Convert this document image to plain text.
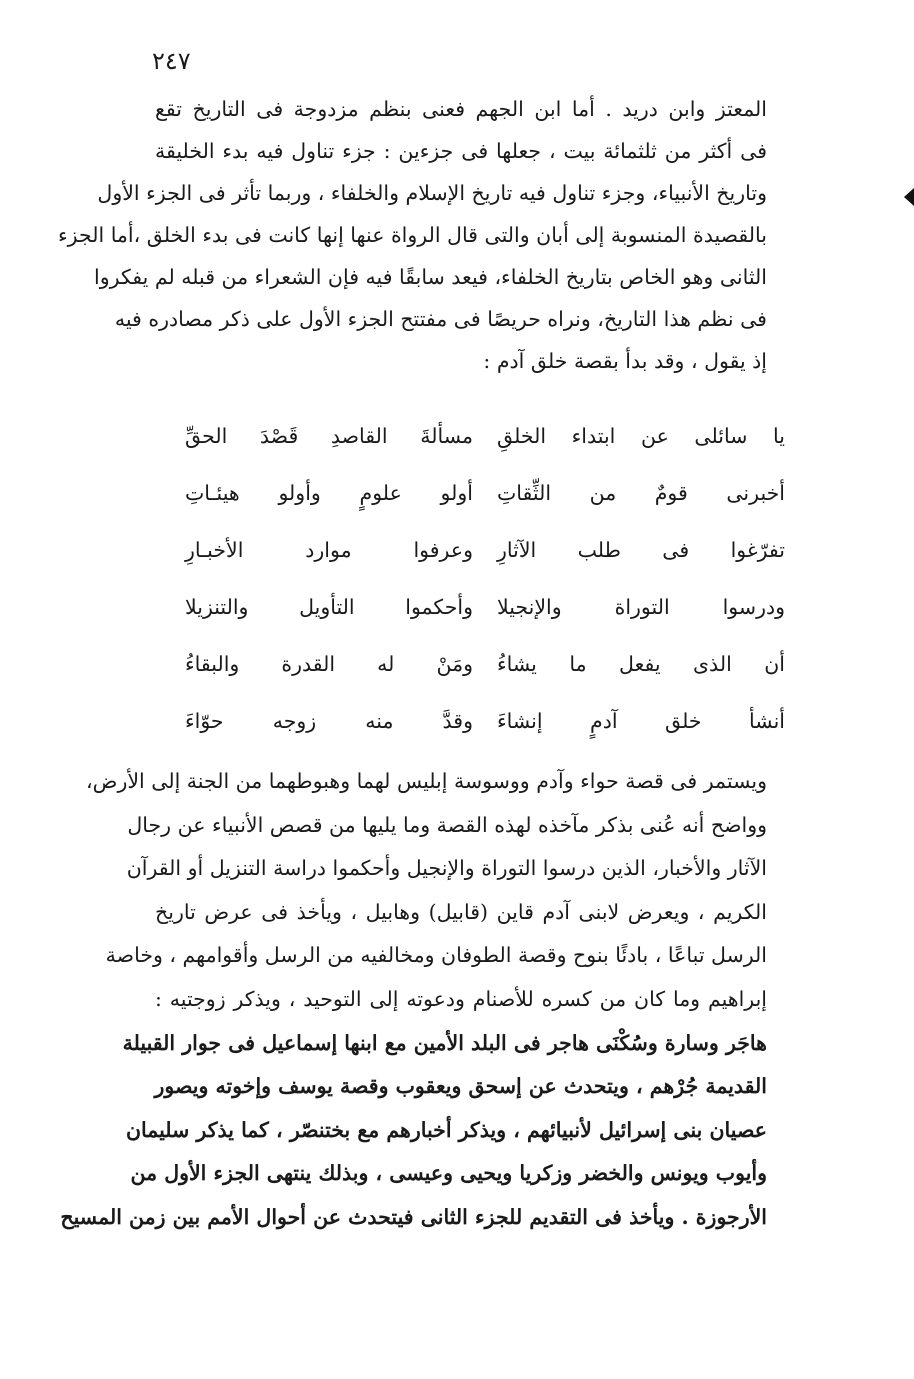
٢٤٧
المعتز وابن دريد . أما ابن الجهم فعنى بنظم مزدوجة فى التاريخ تقع
فى أكثر من ثلثمائة بيت ، جعلها فى جزءين : جزء تناول فيه بدء الخليقة
وتاريخ الأنبياء، وجزء تناول فيه تاريخ الإسلام والخلفاء ، وربما تأثر فى الجزء الأول
بالقصيدة المنسوبة إلى أبان والتى قال الرواة عنها إنها كانت فى بدء الخلق ،أما الجزء
الثانى وهو الخاص بتاريخ الخلفاء، فيعد سابقًا فيه فإن الشعراء من قبله لم يفكروا
فى نظم هذا التاريخ، ونراه حريصًا فى مفتتح الجزء الأول على ذكر مصادره فيه
إذ يقول ، وقد بدأ بقصة خلق آدم :
يا سائلى عن ابتداء الخلقِ
مسألةَ القاصدِ قَصْدَ الحقِّ
أخبرنى قومٌ من الثِّقاتِ
أولو علومٍ وأولو هيئـاتِ
تفرّغوا فى طلب الآثارِ
وعرفوا موارد الأخبـارِ
ودرسوا التوراة والإنجيلا
وأحكموا التأويل والتنزيلا
أن الذى يفعل ما يشاءُ
ومَنْ له القدرة والبقاءُ
أنشأ خلق آدمٍ إنشاءَ
وقدَّ منه زوجه حوّاءَ
ويستمر فى قصة حواء وآدم ووسوسة إبليس لهما وهبوطهما من الجنة إلى الأرض،
وواضح أنه عُنى بذكر مآخذه لهذه القصة وما يليها من قصص الأنبياء عن رجال
الآثار والأخبار، الذين درسوا التوراة والإنجيل وأحكموا دراسة التنزيل أو القرآن
الكريم ، ويعرض لابنى آدم قاين (قابيل) وهابيل ، ويأخذ فى عرض تاريخ
الرسل تباعًا ، بادئًا بنوح وقصة الطوفان ومخالفيه من الرسل وأقوامهم ، وخاصة
إبراهيم وما كان من كسره للأصنام ودعوته إلى التوحيد ، ويذكر زوجتيه :
هاجَر وسارة وسُكْنَى هاجر فى البلد الأمين مع ابنها إسماعيل فى جوار القبيلة
القديمة جُرْهم ، ويتحدث عن إسحق ويعقوب وقصة يوسف وإخوته ويصور
عصيان بنى إسرائيل لأنبيائهم ، ويذكر أخبارهم مع بختنصّر ، كما يذكر سليمان
وأيوب ويونس والخضر وزكريا ويحيى وعيسى ، وبذلك ينتهى الجزء الأول من
الأرجوزة . ويأخذ فى التقديم للجزء الثانى فيتحدث عن أحوال الأمم بين زمن المسيح
